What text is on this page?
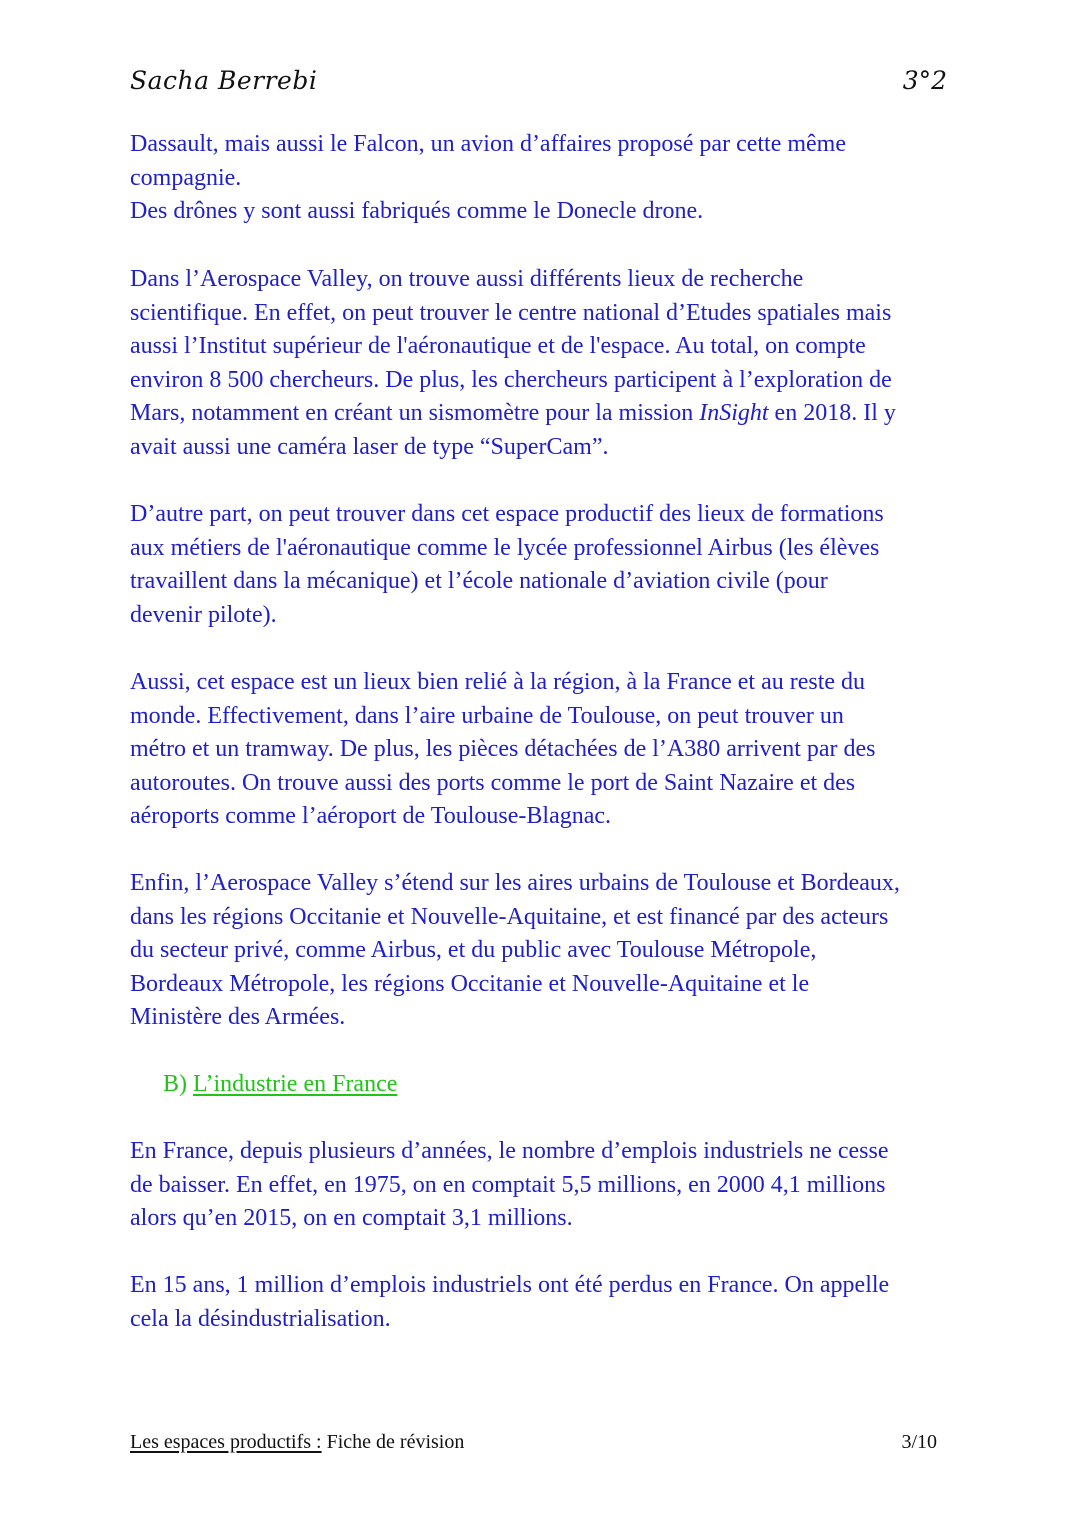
Sacha Berrebi	3°2
Dassault, mais aussi le Falcon, un avion d’affaires proposé par cette même
compagnie.
Des drônes y sont aussi fabriqués comme le Donecle drone.
Dans l’Aerospace Valley, on trouve aussi différents lieux de recherche
scientifique. En effet, on peut trouver le centre national d’Etudes spatiales mais
aussi l’Institut supérieur de l'aéronautique et de l'espace. Au total, on compte
environ 8 500 chercheurs. De plus, les chercheurs participent à l’exploration de
Mars, notamment en créant un sismomètre pour la mission InSight en 2018. Il y
avait aussi une caméra laser de type “SuperCam”.
D’autre part, on peut trouver dans cet espace productif des lieux de formations
aux métiers de l'aéronautique comme le lycée professionnel Airbus (les élèves
travaillent dans la mécanique) et l’école nationale d’aviation civile (pour
devenir pilote).
Aussi, cet espace est un lieux bien relié à la région, à la France et au reste du
monde. Effectivement, dans l’aire urbaine de Toulouse, on peut trouver un
métro et un tramway. De plus, les pièces détachées de l’A380 arrivent par des
autoroutes. On trouve aussi des ports comme le port de Saint Nazaire et des
aéroports comme l’aéroport de Toulouse-Blagnac.
Enfin, l’Aerospace Valley s’étend sur les aires urbains de Toulouse et Bordeaux,
dans les régions Occitanie et Nouvelle-Aquitaine, et est financé par des acteurs
du secteur privé, comme Airbus, et du public avec Toulouse Métropole,
Bordeaux Métropole, les régions Occitanie et Nouvelle-Aquitaine et le
Ministère des Armées.
B) L’industrie en France
En France, depuis plusieurs d’années, le nombre d’emplois industriels ne cesse
de baisser. En effet, en 1975, on en comptait 5,5 millions, en 2000 4,1 millions
alors qu’en 2015, on en comptait 3,1 millions.
En 15 ans, 1 million d’emplois industriels ont été perdus en France. On appelle
cela la désindustrialisation.
Les espaces productifs : Fiche de révision	3/10
